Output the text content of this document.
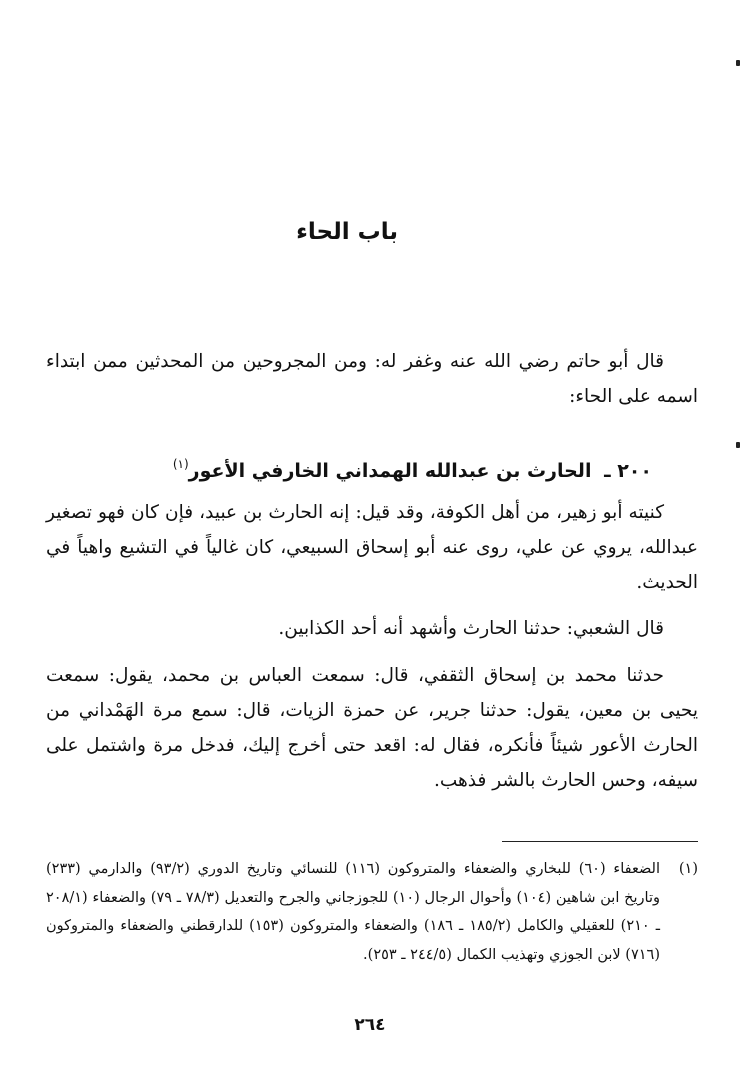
باب الحاء

قال أبو حاتم رضي الله عنه وغفر له: ومن المجروحين من المحدثين ممن ابتداء اسمه على الحاء:

٢٠٠ ـ الحارث بن عبدالله الهمداني الخارفي الأعور$^{(١)}$

كنيته أبو زهير، من أهل الكوفة، وقد قيل: إنه الحارث بن عبيد، فإن كان فهو تصغير عبدالله، يروي عن علي، روى عنه أبو إسحاق السبيعي، كان غالياً في التشيع واهياً في الحديث.

قال الشعبي: حدثنا الحارث وأشهد أنه أحد الكذابين.

حدثنا محمد بن إسحاق الثقفي، قال: سمعت العباس بن محمد، يقول: سمعت يحيى بن معين، يقول: حدثنا جرير، عن حمزة الزيات، قال: سمع مرة الهَمْداني من الحارث الأعور شيئاً فأنكره، فقال له: اقعد حتى أخرج إليك، فدخل مرة واشتمل على سيفه، وحس الحارث بالشر فذهب.

(١)الضعفاء (٦٠) للبخاري والضعفاء والمتروكون (١١٦) للنسائي وتاريخ الدوري (٩٣/٢) والدارمي (٢٣٣) وتاريخ ابن شاهين (١٠٤) وأحوال الرجال (١٠) للجوزجاني والجرح والتعديل (٧٨/٣ ـ ٧٩) والضعفاء (٢٠٨/١ ـ ٢١٠) للعقيلي والكامل (١٨٥/٢ ـ ١٨٦) والضعفاء والمتروكون (١٥٣) للدارقطني والضعفاء والمتروكون (٧١٦) لابن الجوزي وتهذيب الكمال (٢٤٤/٥ ـ ٢٥٣).

٢٦٤
